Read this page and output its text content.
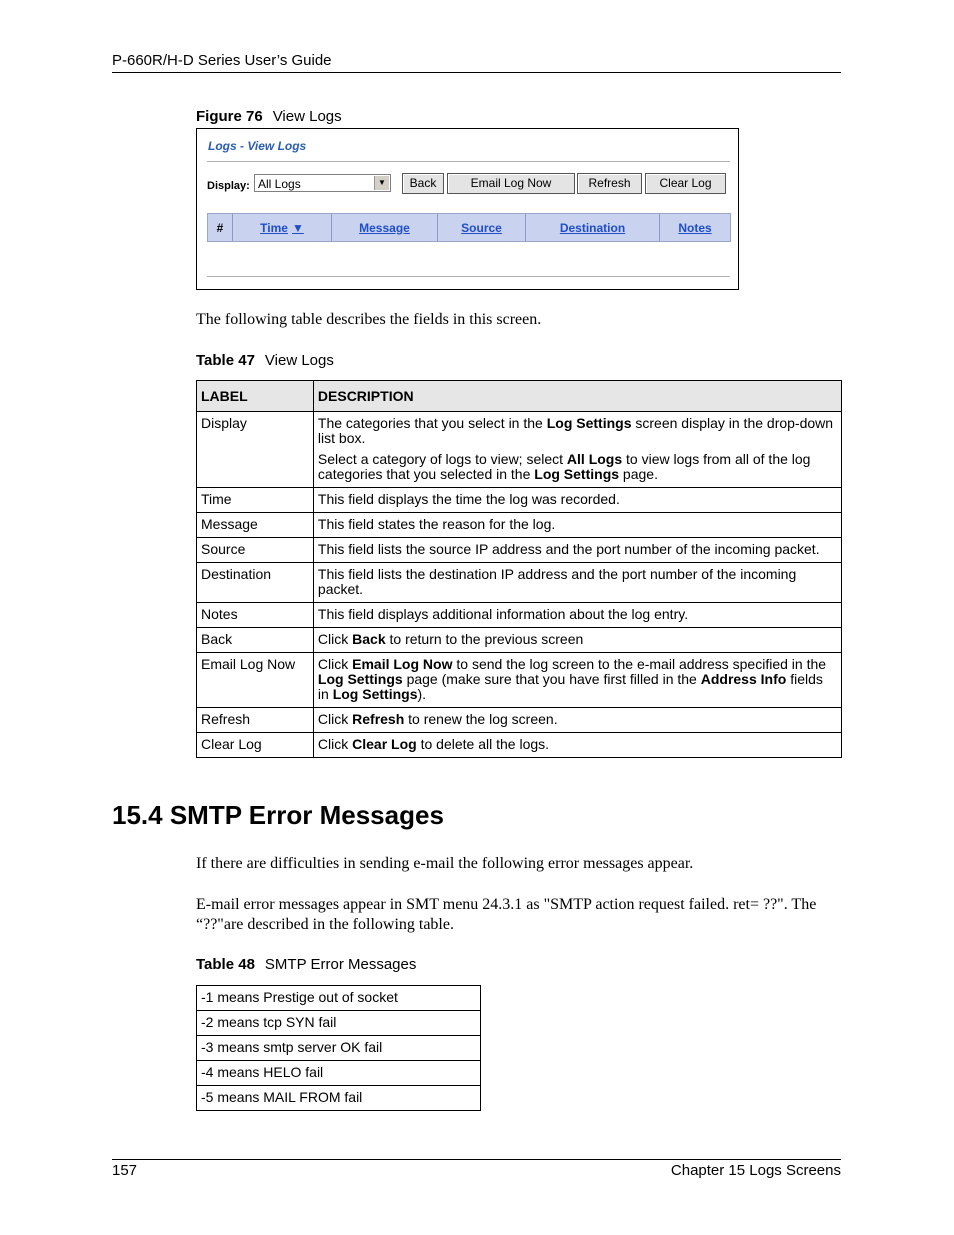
P-660R/H-D Series User’s Guide
Figure 76 View Logs
Logs - View Logs
Display: All Logs	▼	Back	Email Log Now	Refresh	Clear Log
#	Time ▼	Message	Source	Destination	Notes
The following table describes the fields in this screen.
Table 47 View Logs
LABEL	DESCRIPTION
Display	The categories that you select in the Log Settings screen display in the drop-down list box.

Select a category of logs to view; select All Logs to view logs from all of the log categories that you selected in the Log Settings page.

Time	This field displays the time the log was recorded.
Message	This field states the reason for the log.
Source	This field lists the source IP address and the port number of the incoming packet.
Destination	This field lists the destination IP address and the port number of the incoming packet.
Notes	This field displays additional information about the log entry.
Back	Click Back to return to the previous screen
Email Log Now	Click Email Log Now to send the log screen to the e-mail address specified in the Log Settings page (make sure that you have first filled in the Address Info fields in Log Settings).
Refresh	Click Refresh to renew the log screen.
Clear Log	Click Clear Log to delete all the logs.
15.4 SMTP Error Messages
If there are difficulties in sending e-mail the following error messages appear.
E-mail error messages appear in SMT menu 24.3.1 as "SMTP action request failed. ret= ??". The “??"are described in the following table.
Table 48 SMTP Error Messages
-1 means Prestige out of socket
-2 means tcp SYN fail
-3 means smtp server OK fail
-4 means HELO fail
-5 means MAIL FROM fail
157	Chapter 15 Logs Screens
